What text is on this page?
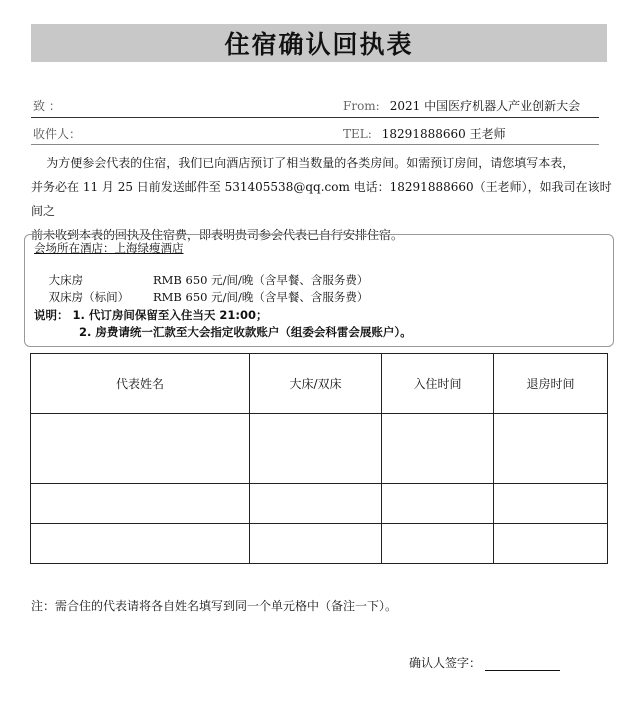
住宿确认回执表
致 ：	From: 2021 中国医疗机器人产业创新大会
收件人：	TEL: 18291888660 王老师

为方便参会代表的住宿，我们已向酒店预订了相当数量的各类房间。如需预订房间，请您填写本表，

并务必在 11 月 25 日前发送邮件至 531405538@qq.com 电话：18291888660（王老师），如我司在该时间之

前未收到本表的回执及住宿费，即表明贵司参会代表已自行安排住宿。

会场所在酒店：上海绿瘦酒店

大床房	RMB 650 元/间/晚（含早餐、含服务费）

双床房（标间） RMB 650 元/间/晚（含早餐、含服务费）

说明： 1. 代订房间保留至入住当天 21:00；
2. 房费请统一汇款至大会指定收款账户（组委会科雷会展账户）。
代表姓名	大床/双床	入住时间	退房时间

注：需合住的代表请将各自姓名填写到同一个单元格中（备注一下）。
确认人签字：
